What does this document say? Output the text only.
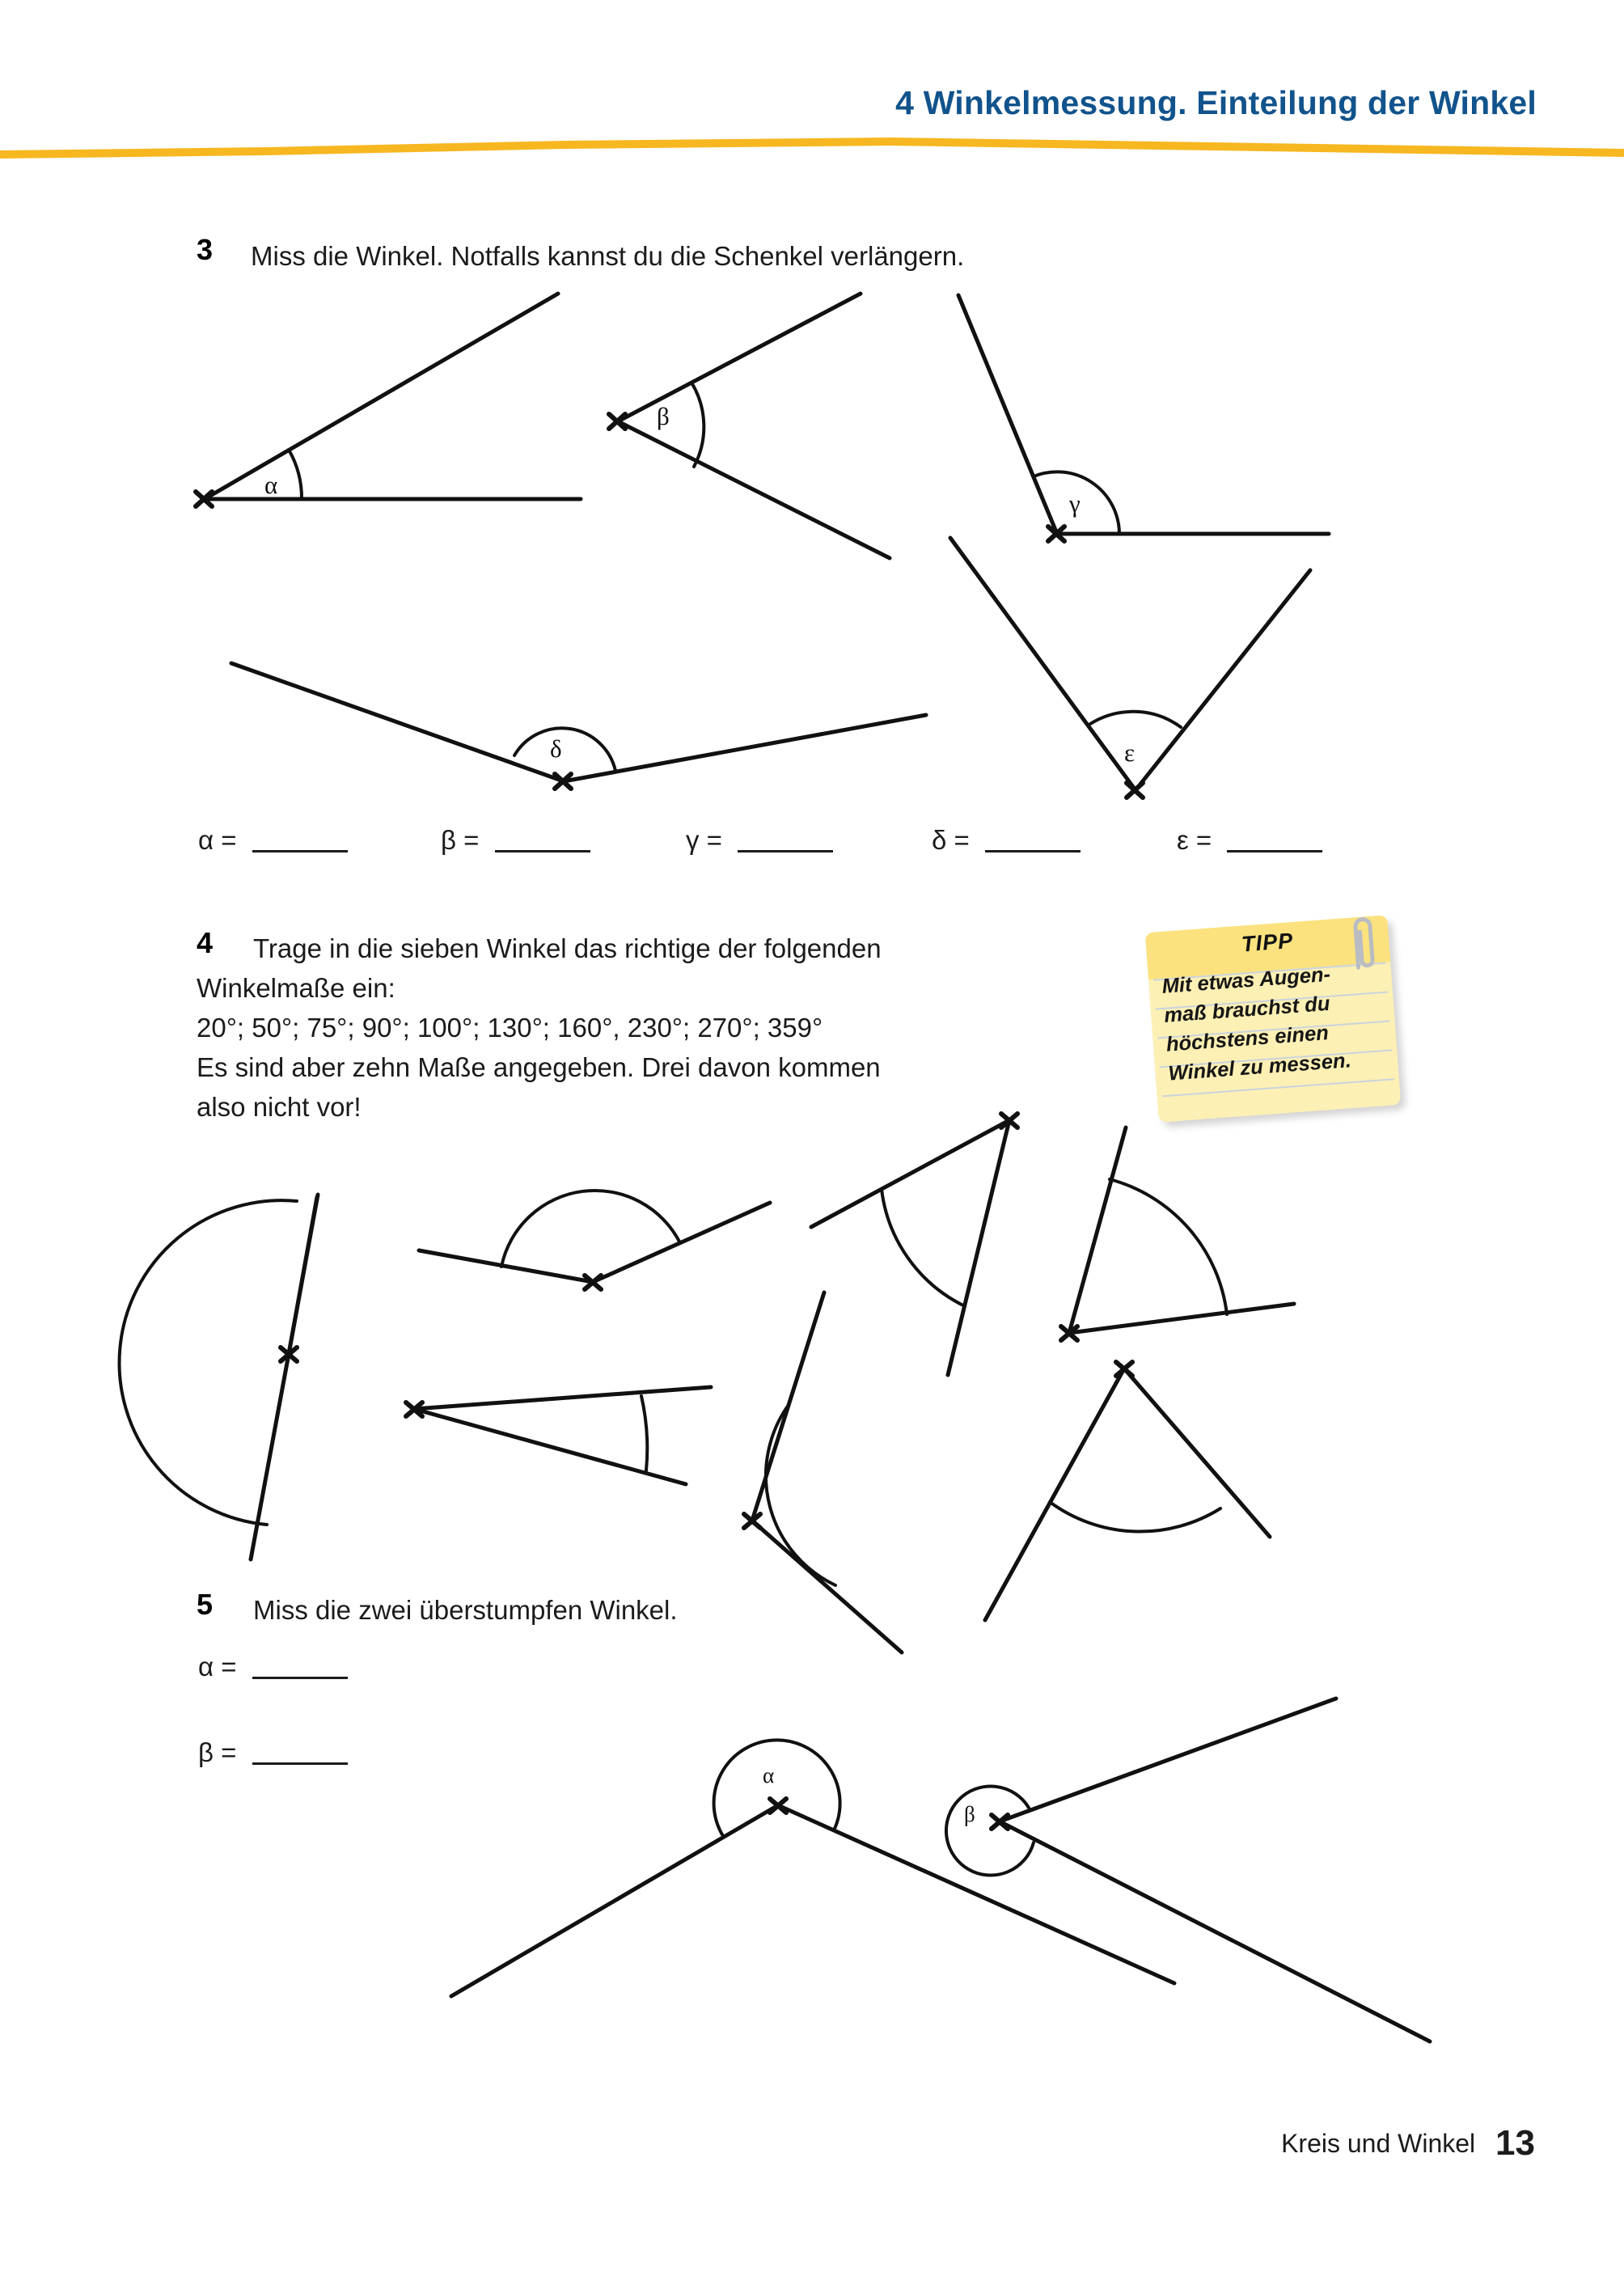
4 Winkelmessung. Einteilung der Winkel
3 Miss die Winkel. Notfalls kannst du die Schenkel verlängern.
α
β
γ
δ	ε
α =	β =	γ =	δ =	ε =
4 Trage in die sieben Winkel das richtige der folgenden
Winkelmaße ein:
20°; 50°; 75°; 90°; 100°; 130°; 160°, 230°; 270°; 359°
Es sind aber zehn Maße angegeben. Drei davon kommen
also nicht vor!
TIPP
Mit etwas Augen-
maß brauchst du
höchstens einen
Winkel zu messen.
5 Miss die zwei überstumpfen Winkel.
α =
β =
α
β
Kreis und Winkel 13
